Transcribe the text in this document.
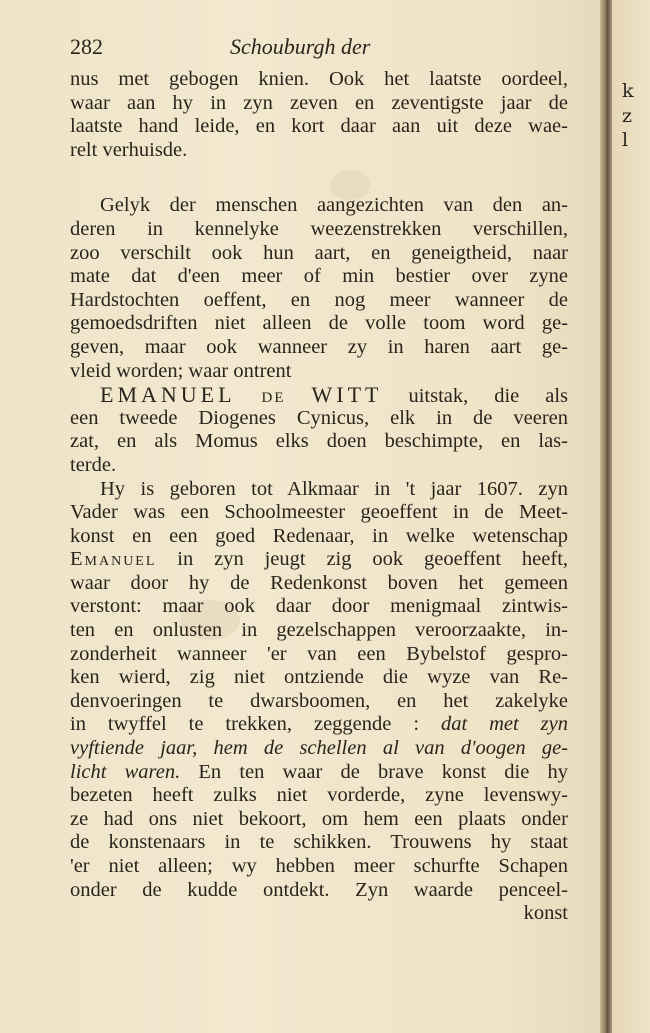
282	Schouburgh der
nus met gebogen knien. Ook het laatste oordeel,
waar aan hy in zyn zeven en zeventigste jaar de
laatste hand leide, en kort daar aan uit deze wae-
relt verhuisde.
Gelyk der menschen aangezichten van den an-
deren in kennelyke weezenstrekken verschillen,
zoo verschilt ook hun aart, en geneigtheid, naar
mate dat d'een meer of min bestier over zyne
Hardstochten oeffent, en nog meer wanneer de
gemoedsdriften niet alleen de volle toom word ge-
geven, maar ook wanneer zy in haren aart ge-
vleid worden; waar ontrent
EMANUEL DE WITT uitstak, die als
een tweede Diogenes Cynicus, elk in de veeren
zat, en als Momus elks doen beschimpte, en las-
terde.
Hy is geboren tot Alkmaar in 't jaar 1607. zyn
Vader was een Schoolmeester geoeffent in de Meet-
konst en een goed Redenaar, in welke wetenschap
Emanuel in zyn jeugt zig ook geoeffent heeft,
waar door hy de Redenkonst boven het gemeen
verstont: maar ook daar door menigmaal zintwis-
ten en onlusten in gezelschappen veroorzaakte, in-
zonderheit wanneer 'er van een Bybelstof gespro-
ken wierd, zig niet ontziende die wyze van Re-
denvoeringen te dwarsboomen, en het zakelyke
in twyffel te trekken, zeggende : dat met zyn
vyftiende jaar, hem de schellen al van d'oogen ge-
licht waren. En ten waar de brave konst die hy
bezeten heeft zulks niet vorderde, zyne levenswy-
ze had ons niet bekoort, om hem een plaats onder
de konstenaars in te schikken. Trouwens hy staat
'er niet alleen; wy hebben meer schurfte Schapen
onder de kudde ontdekt. Zyn waarde penceel-
konst
k
z
l
